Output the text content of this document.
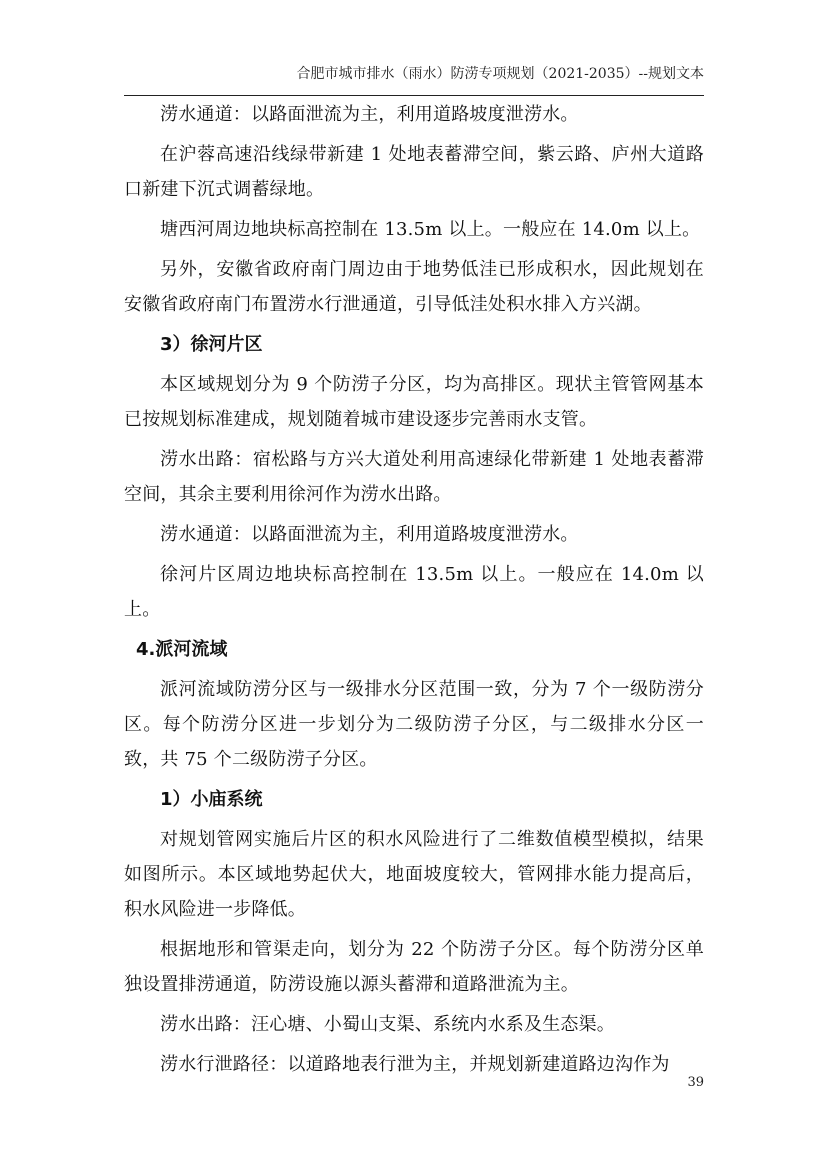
合肥市城市排水（雨水）防涝专项规划（2021-2035）--规划文本

涝水通道：以路面泄流为主，利用道路坡度泄涝水。

在沪蓉高速沿线绿带新建 1 处地表蓄滞空间，紫云路、庐州大道路口新建下沉式调蓄绿地。

塘西河周边地块标高控制在 13.5m 以上。一般应在 14.0m 以上。

另外，安徽省政府南门周边由于地势低洼已形成积水，因此规划在安徽省政府南门布置涝水行泄通道，引导低洼处积水排入方兴湖。

3）徐河片区

本区域规划分为 9 个防涝子分区，均为高排区。现状主管管网基本已按规划标准建成，规划随着城市建设逐步完善雨水支管。

涝水出路：宿松路与方兴大道处利用高速绿化带新建 1 处地表蓄滞空间，其余主要利用徐河作为涝水出路。

涝水通道：以路面泄流为主，利用道路坡度泄涝水。

徐河片区周边地块标高控制在 13.5m 以上。一般应在 14.0m 以上。

4.派河流域

派河流域防涝分区与一级排水分区范围一致，分为 7 个一级防涝分区。每个防涝分区进一步划分为二级防涝子分区，与二级排水分区一致，共 75 个二级防涝子分区。

1）小庙系统

对规划管网实施后片区的积水风险进行了二维数值模型模拟，结果如图所示。本区域地势起伏大，地面坡度较大，管网排水能力提高后，积水风险进一步降低。

根据地形和管渠走向，划分为 22 个防涝子分区。每个防涝分区单独设置排涝通道，防涝设施以源头蓄滞和道路泄流为主。

涝水出路：汪心塘、小蜀山支渠、系统内水系及生态渠。

涝水行泄路径：以道路地表行泄为主，并规划新建道路边沟作为

39
